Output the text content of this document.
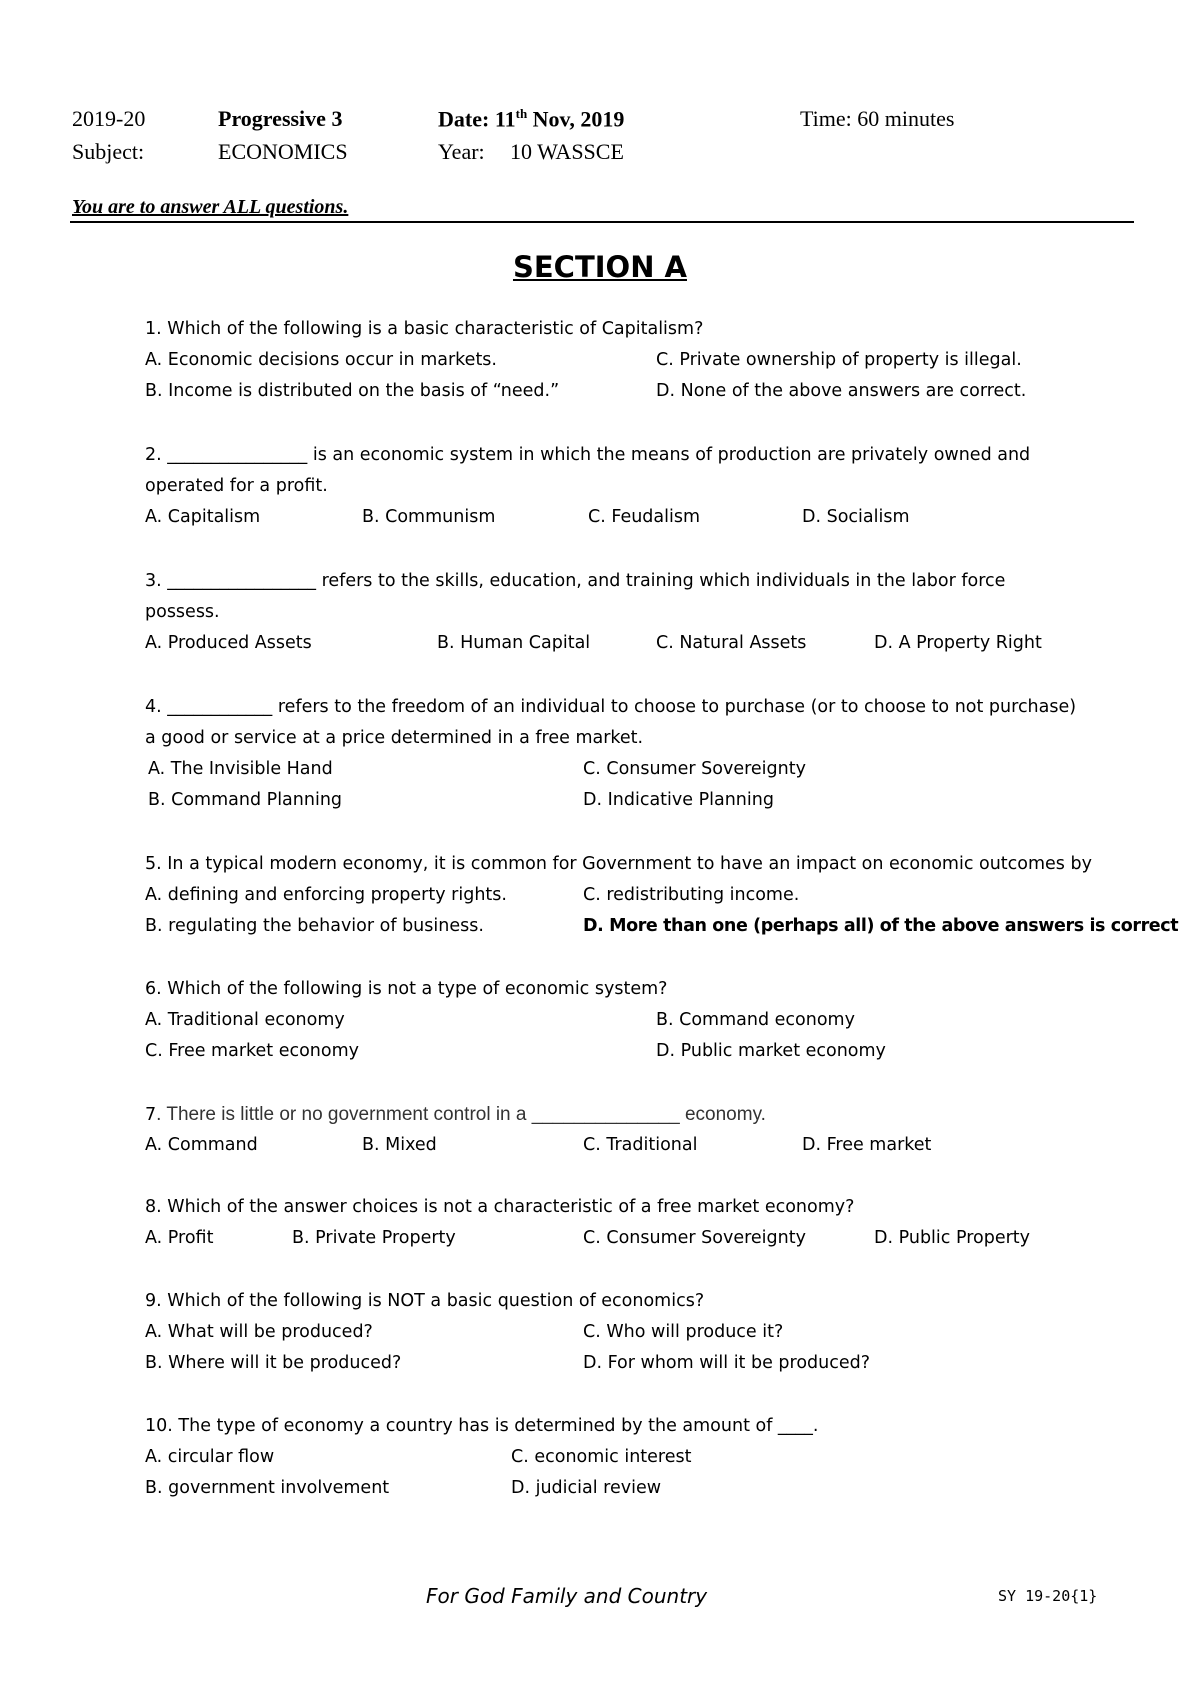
2019-20	Progressive 3	Date: 11th Nov, 2019	Time: 60 minutes
Subject:	ECONOMICS	Year: 10 WASSCE
You are to answer ALL questions.
SECTION A
1. Which of the following is a basic characteristic of Capitalism?
A. Economic decisions occur in markets.	C. Private ownership of property is illegal.
B. Income is distributed on the basis of “need.”	D. None of the above answers are correct.
2. ________________ is an economic system in which the means of production are privately owned and
operated for a profit.
A. Capitalism	B. Communism	C. Feudalism	D. Socialism
3. _________________ refers to the skills, education, and training which individuals in the labor force
possess.
A. Produced Assets	B. Human Capital	C. Natural Assets	D. A Property Right
4. ____________ refers to the freedom of an individual to choose to purchase (or to choose to not purchase)
a good or service at a price determined in a free market.
A. The Invisible Hand	C. Consumer Sovereignty
B. Command Planning	D. Indicative Planning
5. In a typical modern economy, it is common for Government to have an impact on economic outcomes by
A. defining and enforcing property rights.	C. redistributing income.
B. regulating the behavior of business.	D. More than one (perhaps all) of the above answers is correct
6. Which of the following is not a type of economic system?
A. Traditional economy	B. Command economy
C. Free market economy	D. Public market economy
7. There is little or no government control in a ______________ economy.
A. Command	B. Mixed	C. Traditional	D. Free market
8. Which of the answer choices is not a characteristic of a free market economy?
A. Profit	B. Private Property	C. Consumer Sovereignty	D. Public Property
9. Which of the following is NOT a basic question of economics?
A. What will be produced?	C. Who will produce it?
B. Where will it be produced?	D. For whom will it be produced?
10. The type of economy a country has is determined by the amount of ____.
A. circular flow	C. economic interest
B. government involvement	D. judicial review
For God Family and Country	SY 19-20{1}
